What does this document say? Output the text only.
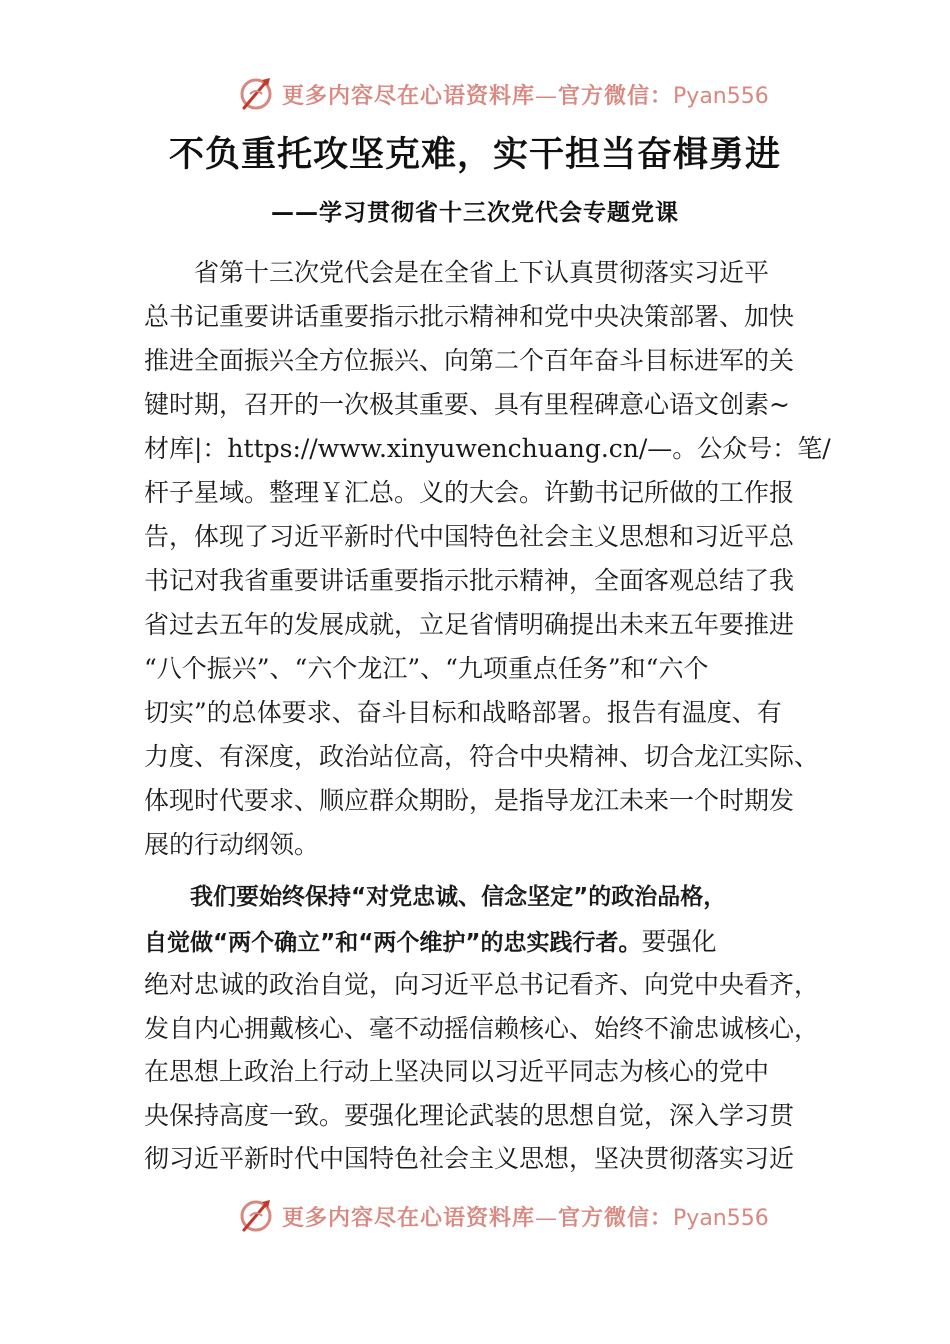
更多内容尽在心语资料库—官方微信：Pyan556
不负重托攻坚克难，实干担当奋楫勇进
——学习贯彻省十三次党代会专题党课
　　省第十三次党代会是在全省上下认真贯彻落实习近平
总书记重要讲话重要指示批示精神和党中央决策部署、加快
推进全面振兴全方位振兴、向第二个百年奋斗目标进军的关
键时期，召开的一次极其重要、具有里程碑意心语文创素~
材库|：https://www.xinyuwenchuang.cn/—。公众号：笔/
杆子星域。整理￥汇总。义的大会。许勤书记所做的工作报
告，体现了习近平新时代中国特色社会主义思想和习近平总
书记对我省重要讲话重要指示批示精神，全面客观总结了我
省过去五年的发展成就，立足省情明确提出未来五年要推进
“八个振兴”、“六个龙江”、“九项重点任务”和“六个
切实”的总体要求、奋斗目标和战略部署。报告有温度、有
力度、有深度，政治站位高，符合中央精神、切合龙江实际、
体现时代要求、顺应群众期盼，是指导龙江未来一个时期发
展的行动纲领。
　　我们要始终保持“对党忠诚、信念坚定”的政治品格，
自觉做“两个确立”和“两个维护”的忠实践行者。要强化
绝对忠诚的政治自觉，向习近平总书记看齐、向党中央看齐，
发自内心拥戴核心、毫不动摇信赖核心、始终不渝忠诚核心，
在思想上政治上行动上坚决同以习近平同志为核心的党中
央保持高度一致。要强化理论武装的思想自觉，深入学习贯
彻习近平新时代中国特色社会主义思想，坚决贯彻落实习近
更多内容尽在心语资料库—官方微信：Pyan556
